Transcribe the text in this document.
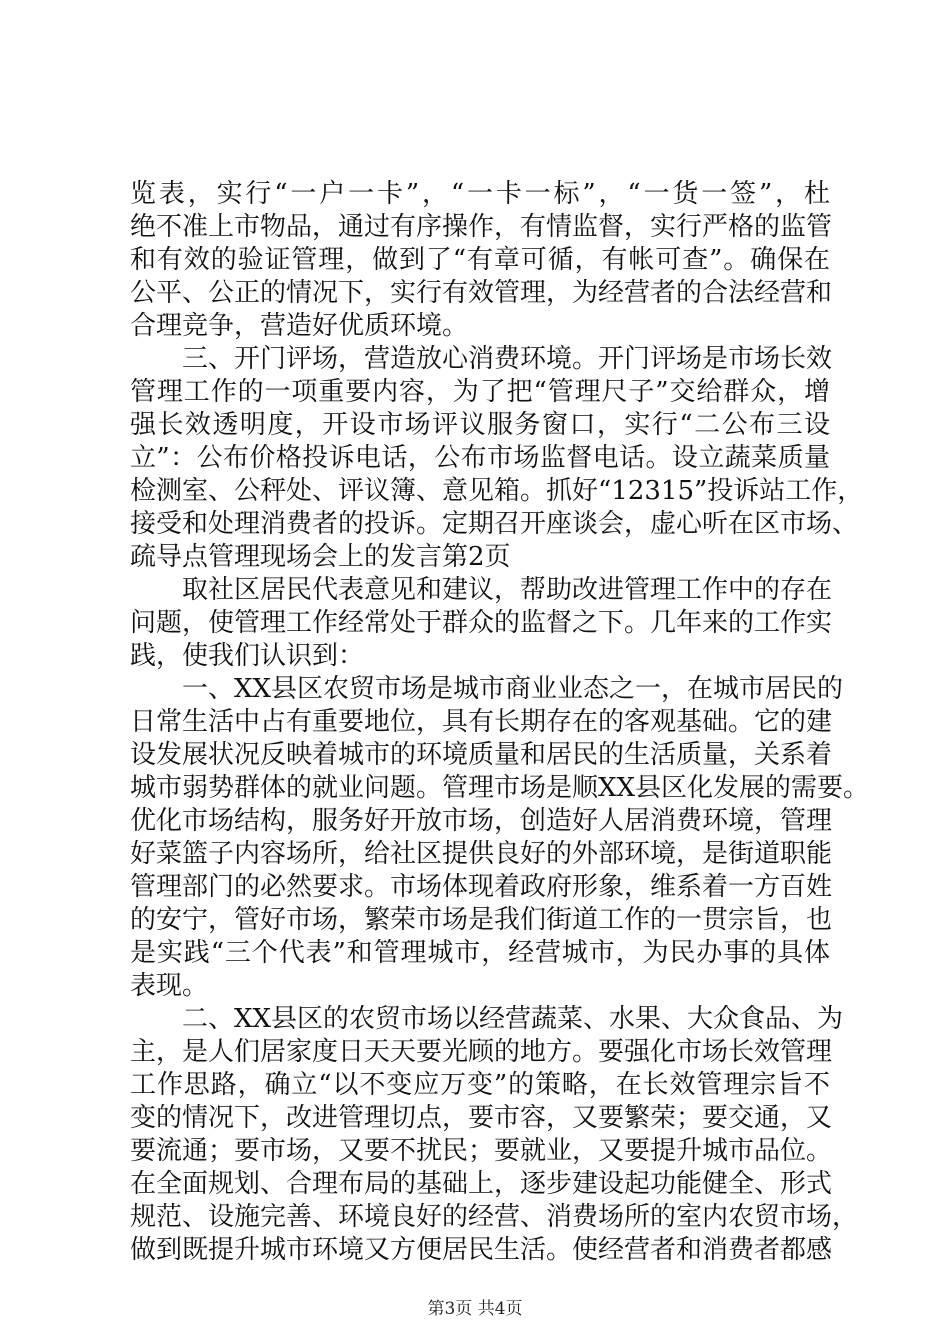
览表，实行“一户一卡”，“一卡一标”，“一货一签”，杜
绝不准上市物品，通过有序操作，有情监督，实行严格的监管
和有效的验证管理，做到了“有章可循，有帐可查”。确保在
公平、公正的情况下，实行有效管理，为经营者的合法经营和
合理竞争，营造好优质环境。
三、开门评场，营造放心消费环境。开门评场是市场长效
管理工作的一项重要内容，为了把“管理尺子”交给群众，增
强长效透明度，开设市场评议服务窗口，实行“二公布三设
立”：公布价格投诉电话，公布市场监督电话。设立蔬菜质量
检测室、公秤处、评议簿、意见箱。抓好“12315”投诉站工作，
接受和处理消费者的投诉。定期召开座谈会，虚心听在区市场、
疏导点管理现场会上的发言第2页
取社区居民代表意见和建议，帮助改进管理工作中的存在
问题，使管理工作经常处于群众的监督之下。几年来的工作实
践，使我们认识到：
一、XX县区农贸市场是城市商业业态之一，在城市居民的
日常生活中占有重要地位，具有长期存在的客观基础。它的建
设发展状况反映着城市的环境质量和居民的生活质量，关系着
城市弱势群体的就业问题。管理市场是顺XX县区化发展的需要。
优化市场结构，服务好开放市场，创造好人居消费环境，管理
好菜篮子内容场所，给社区提供良好的外部环境，是街道职能
管理部门的必然要求。市场体现着政府形象，维系着一方百姓
的安宁，管好市场，繁荣市场是我们街道工作的一贯宗旨，也
是实践“三个代表”和管理城市，经营城市，为民办事的具体
表现。
二、XX县区的农贸市场以经营蔬菜、水果、大众食品、为
主，是人们居家度日天天要光顾的地方。要强化市场长效管理
工作思路，确立“以不变应万变”的策略，在长效管理宗旨不
变的情况下，改进管理切点，要市容，又要繁荣；要交通，又
要流通；要市场，又要不扰民；要就业，又要提升城市品位。
在全面规划、合理布局的基础上，逐步建设起功能健全、形式
规范、设施完善、环境良好的经营、消费场所的室内农贸市场，
做到既提升城市环境又方便居民生活。使经营者和消费者都感
第3页 共4页
